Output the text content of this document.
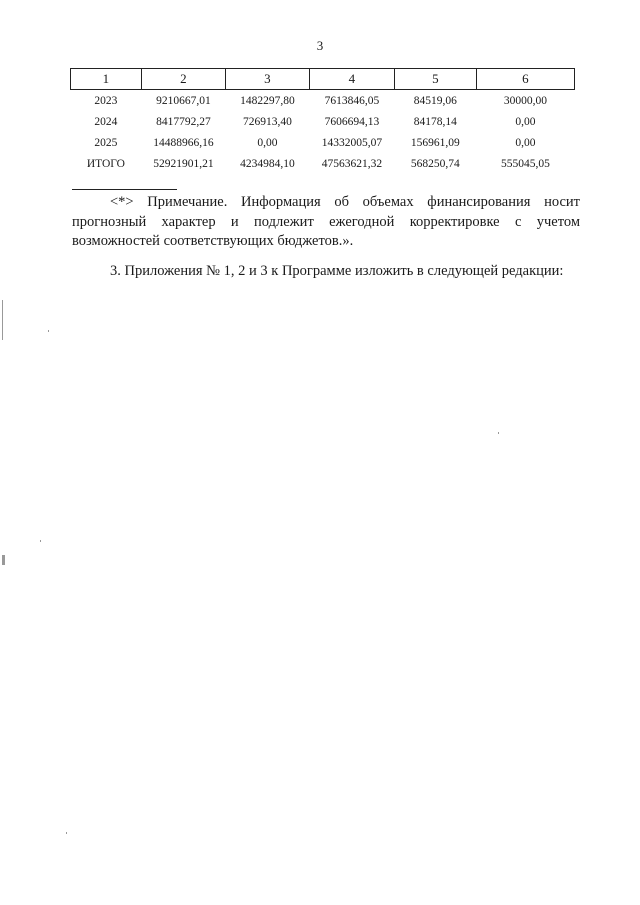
3
1	2	3	4	5	6
2023	9210667,01	1482297,80	7613846,05	84519,06	30000,00
2024	8417792,27	726913,40	7606694,13	84178,14	0,00
2025	14488966,16	0,00	14332005,07	156961,09	0,00
ИТОГО	52921901,21	4234984,10	47563621,32	568250,74	555045,05
<*> Примечание. Информация об объемах финансирования носит прогнозный характер и подлежит ежегодной корректировке с учетом возможностей соответствующих бюджетов.».
3. Приложения № 1, 2 и 3 к Программе изложить в следующей редакции:
